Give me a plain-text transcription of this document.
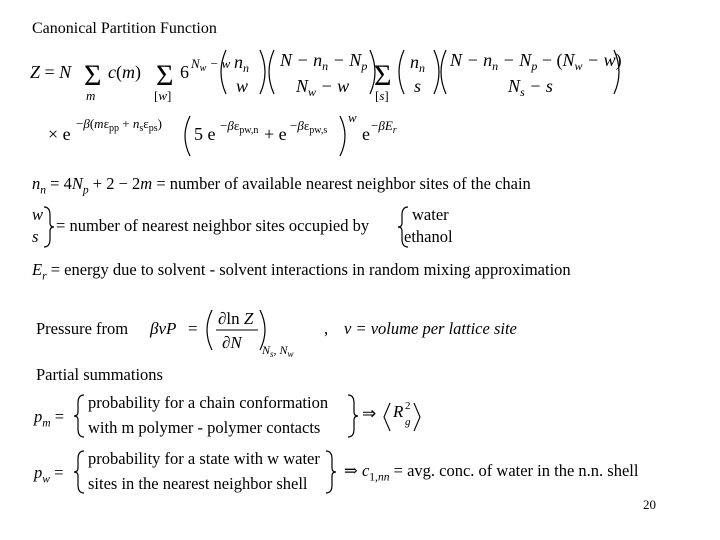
Canonical Partition Function
Z = N Σ
m
c(m) Σ
[w]
6 $N_w - w$ $n_n$
w
$N - n_n - N_p$
$N_w - w$ Σ
[s]
$n_n$
s
$N - n_n - N_p - (N_w - w)$
$N_s - s$
× e
$-\beta(m\varepsilon_{pp} + n_s\varepsilon_{ps})$
5 $e -\beta\varepsilon_{pw,n} + e -\beta\varepsilon_{pw,s}$
w
$e -\beta E_r$
$n_n = 4N_p + 2 - 2m$ = number of available nearest neighbor sites of the chain
w
s
= number of nearest neighbor sites occupied by
water
ethanol
$E_r$ = energy due to solvent - solvent interactions in random mixing approximation
Pressure from βvP =
∂ln Z
∂N $N_s$, $N_w$
, v = volume per lattice site
Partial summations
$p_m$ =
probability for a chain conformation
with m polymer - polymer contacts
⇒ R 2
g
$p_w$ =
probability for a state with w water
sites in the nearest neighbor shell
⇒ $c_{1,nn}$ = avg. conc. of water in the n.n. shell
20
